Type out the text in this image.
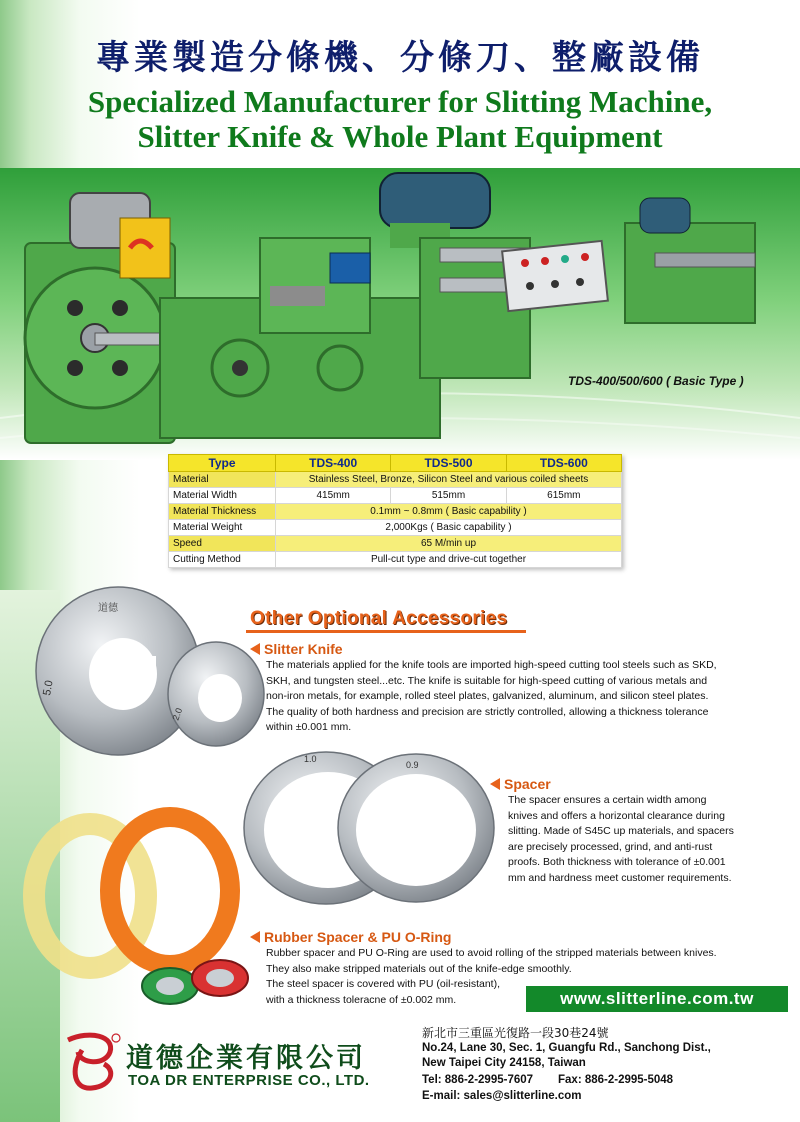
專業製造分條機、分條刀、整廠設備
Specialized Manufacturer for Slitting Machine,
Slitter Knife & Whole Plant Equipment
TDS-400/500/600 ( Basic Type )
Type	TDS-400	TDS-500	TDS-600
Material	Stainless Steel, Bronze, Silicon Steel and various coiled sheets		
Material Width	415mm	515mm	615mm
Material Thickness	0.1mm ~ 0.8mm ( Basic capability )		
Material Weight	2,000Kgs ( Basic capability )		
Speed	65 M/min up		
Cutting Method	Pull-cut type and drive-cut together		
道德
5.0
2.0
Other Optional Accessories
Slitter Knife
The materials applied for the knife tools are imported high-speed cutting tool steels such as SKD,
SKH, and tungsten steel...etc. The knife is suitable for high-speed cutting of various metals and
non-iron metals, for example, rolled steel plates, galvanized, aluminum, and silicon steel plates.
The quality of both hardness and precision are strictly controlled, allowing a thickness tolerance
within ±0.001 mm.
1.0
0.9
Spacer
The spacer ensures a certain width among
knives and offers a horizontal clearance during
slitting. Made of S45C up materials, and spacers
are precisely processed, grind, and anti-rust
proofs. Both thickness with tolerance of ±0.001
mm and hardness meet customer requirements.
Rubber Spacer & PU O-Ring
Rubber spacer and PU O-Ring are used to avoid rolling of the stripped materials between knives.
They also make stripped materials out of the knife-edge smoothly.
The steel spacer is covered with PU (oil-resistant),
with a thickness toleracne of ±0.002 mm.	www.slitterline.com.tw
道德企業有限公司
TOA DR ENTERPRISE CO., LTD.
新北市三重區光復路一段30巷24號
No.24, Lane 30, Sec. 1, Guangfu Rd., Sanchong Dist.,
New Taipei City 24158, Taiwan
Tel: 886-2-2995-7607 Fax: 886-2-2995-5048
E-mail: sales@slitterline.com
